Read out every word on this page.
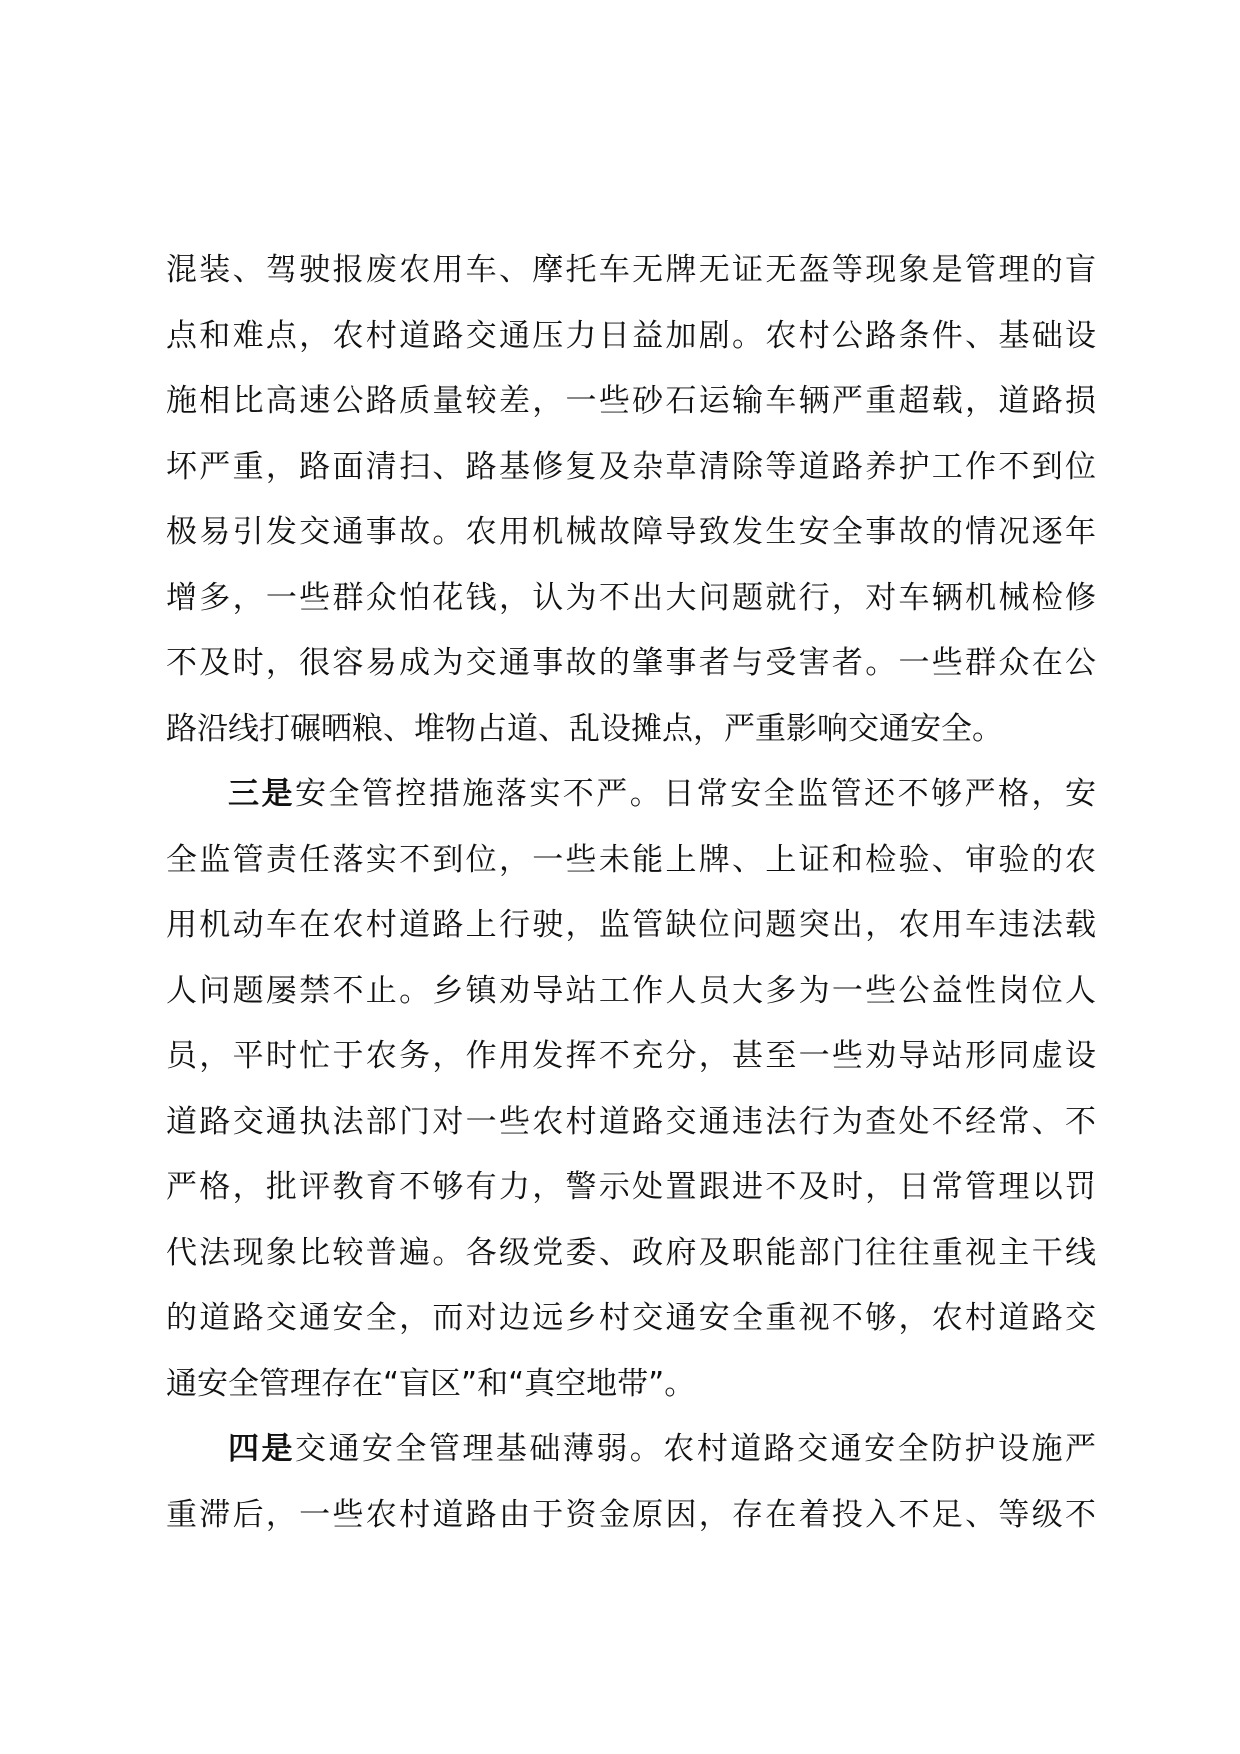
混装、驾驶报废农用车、摩托车无牌无证无盔等现象是管理的盲
点和难点，农村道路交通压力日益加剧。农村公路条件、基础设
施相比高速公路质量较差，一些砂石运输车辆严重超载，道路损
坏严重，路面清扫、路基修复及杂草清除等道路养护工作不到位
极易引发交通事故。农用机械故障导致发生安全事故的情况逐年
增多，一些群众怕花钱，认为不出大问题就行，对车辆机械检修
不及时，很容易成为交通事故的肇事者与受害者。一些群众在公
路沿线打碾晒粮、堆物占道、乱设摊点，严重影响交通安全。
三是安全管控措施落实不严。日常安全监管还不够严格，安
全监管责任落实不到位，一些未能上牌、上证和检验、审验的农
用机动车在农村道路上行驶，监管缺位问题突出，农用车违法载
人问题屡禁不止。乡镇劝导站工作人员大多为一些公益性岗位人
员，平时忙于农务，作用发挥不充分，甚至一些劝导站形同虚设
道路交通执法部门对一些农村道路交通违法行为查处不经常、不
严格，批评教育不够有力，警示处置跟进不及时，日常管理以罚
代法现象比较普遍。各级党委、政府及职能部门往往重视主干线
的道路交通安全，而对边远乡村交通安全重视不够，农村道路交
通安全管理存在“盲区”和“真空地带”。
四是交通安全管理基础薄弱。农村道路交通安全防护设施严
重滞后，一些农村道路由于资金原因，存在着投入不足、等级不
